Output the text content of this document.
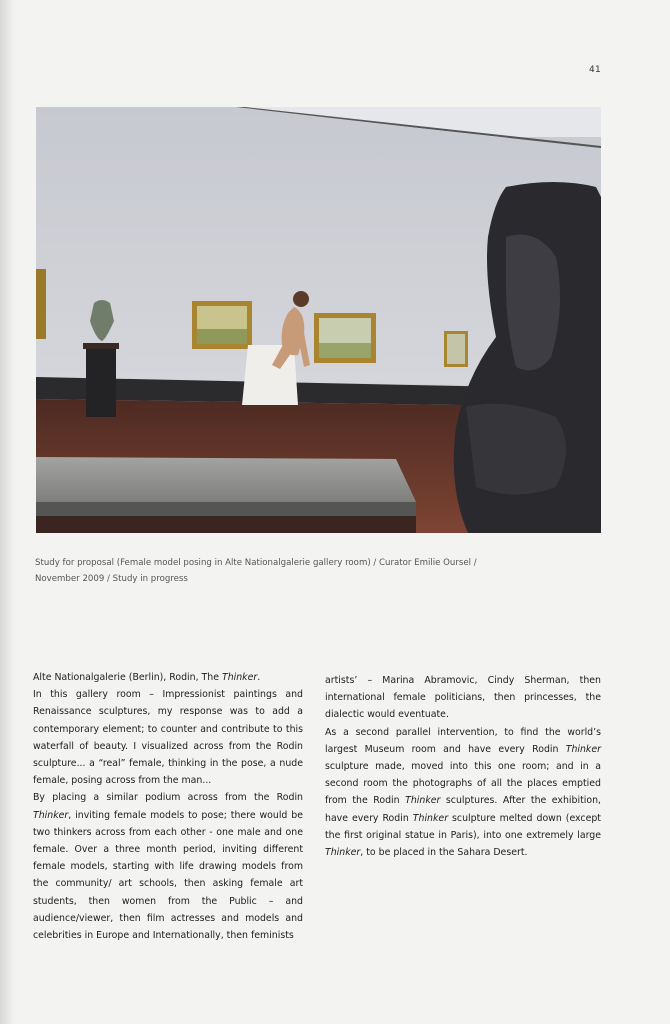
41
Study for proposal (Female model posing in Alte Nationalgalerie gallery room) / Curator Emilie Oursel /
November 2009 / Study in progress

Alte Nationalgalerie (Berlin), Rodin, The Thinker.

In this gallery room – Impressionist paintings and Renaissance sculptures, my response was to add a contemporary element; to counter and contribute to this waterfall of beauty. I visualized across from the Rodin sculpture... a “real” female, thinking in the pose, a nude female, posing across from the man...

By placing a similar podium across from the Rodin Thinker, inviting female models to pose; there would be two thinkers across from each other - one male and one female. Over a three month period, inviting different female models, starting with life drawing models from the community/ art schools, then asking female art students, then women from the Public – and audience/viewer, then film actresses and models and celebrities in Europe and Internationally, then feminists

artists’ – Marina Abramovic, Cindy Sherman, then international female politicians, then princesses, the dialectic would eventuate.

As a second parallel intervention, to find the world’s largest Museum room and have every Rodin Thinker sculpture made, moved into this one room; and in a second room the photographs of all the places emptied from the Rodin Thinker sculptures. After the exhibition, have every Rodin Thinker sculpture melted down (except the first original statue in Paris), into one extremely large Thinker, to be placed in the Sahara Desert.
